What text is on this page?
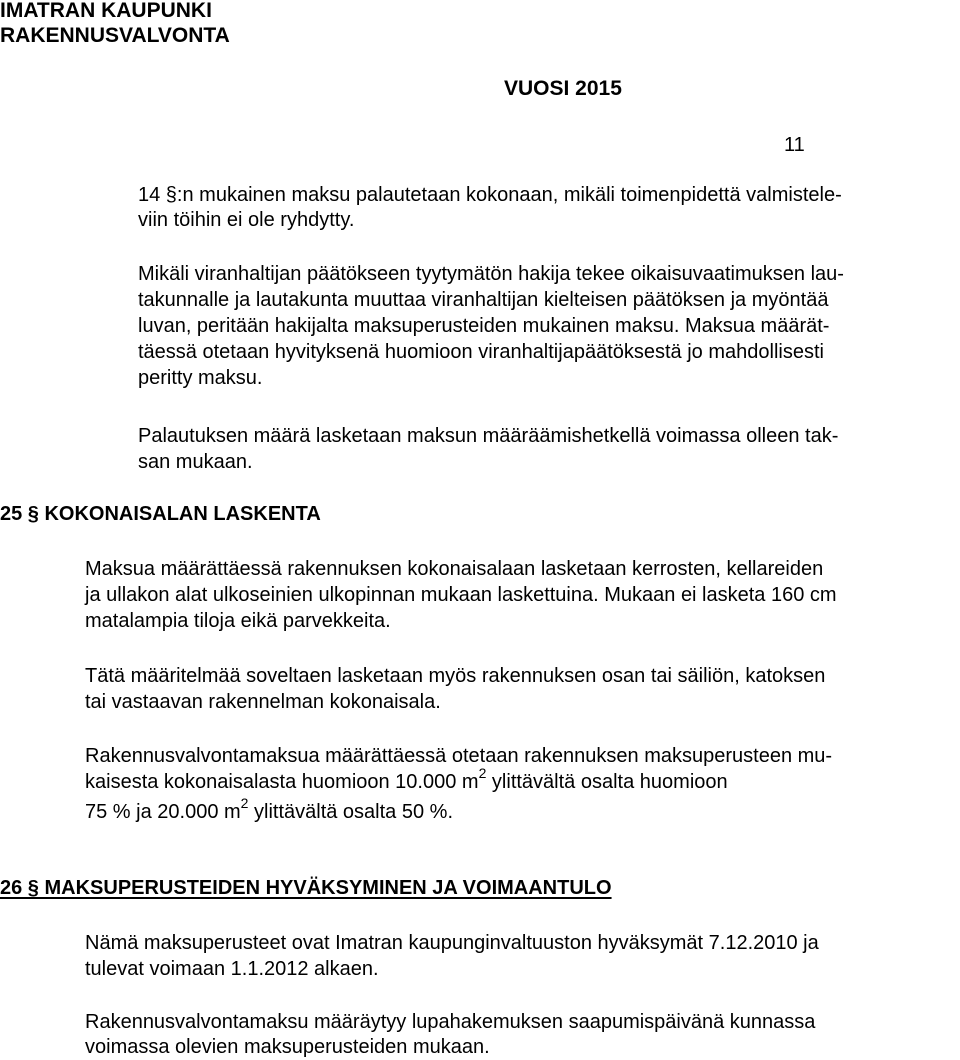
IMATRAN KAUPUNKI

RAKENNUSVALVONTA

VUOSI 2015

11

14 §:n mukainen maksu palautetaan kokonaan, mikäli toimenpidettä valmistele-

viin töihin ei ole ryhdytty.

Mikäli viranhaltijan päätökseen tyytymätön hakija tekee oikaisuvaatimuksen lau-

takunnalle ja lautakunta muuttaa viranhaltijan kielteisen päätöksen ja myöntää

luvan, peritään hakijalta maksuperusteiden mukainen maksu. Maksua määrät-

täessä otetaan hyvityksenä huomioon viranhaltijapäätöksestä jo mahdollisesti

peritty maksu.

Palautuksen määrä lasketaan maksun määräämishetkellä voimassa olleen tak-

san mukaan.

25 § KOKONAISALAN LASKENTA

Maksua määrättäessä rakennuksen kokonaisalaan lasketaan kerrosten, kellareiden

ja ullakon alat ulkoseinien ulkopinnan mukaan laskettuina. Mukaan ei lasketa 160 cm

matalampia tiloja eikä parvekkeita.

Tätä määritelmää soveltaen lasketaan myös rakennuksen osan tai säiliön, katoksen

tai vastaavan rakennelman kokonaisala.

Rakennusvalvontamaksua määrättäessä otetaan rakennuksen maksuperusteen mu-

kaisesta kokonaisalasta huomioon 10.000 $m^2$ ylittävältä osalta huomioon

75 % ja 20.000 $m^2$ ylittävältä osalta 50 %.

26 § MAKSUPERUSTEIDEN HYVÄKSYMINEN JA VOIMAANTULO

Nämä maksuperusteet ovat Imatran kaupunginvaltuuston hyväksymät 7.12.2010 ja

tulevat voimaan 1.1.2012 alkaen.

Rakennusvalvontamaksu määräytyy lupahakemuksen saapumispäivänä kunnassa

voimassa olevien maksuperusteiden mukaan.
